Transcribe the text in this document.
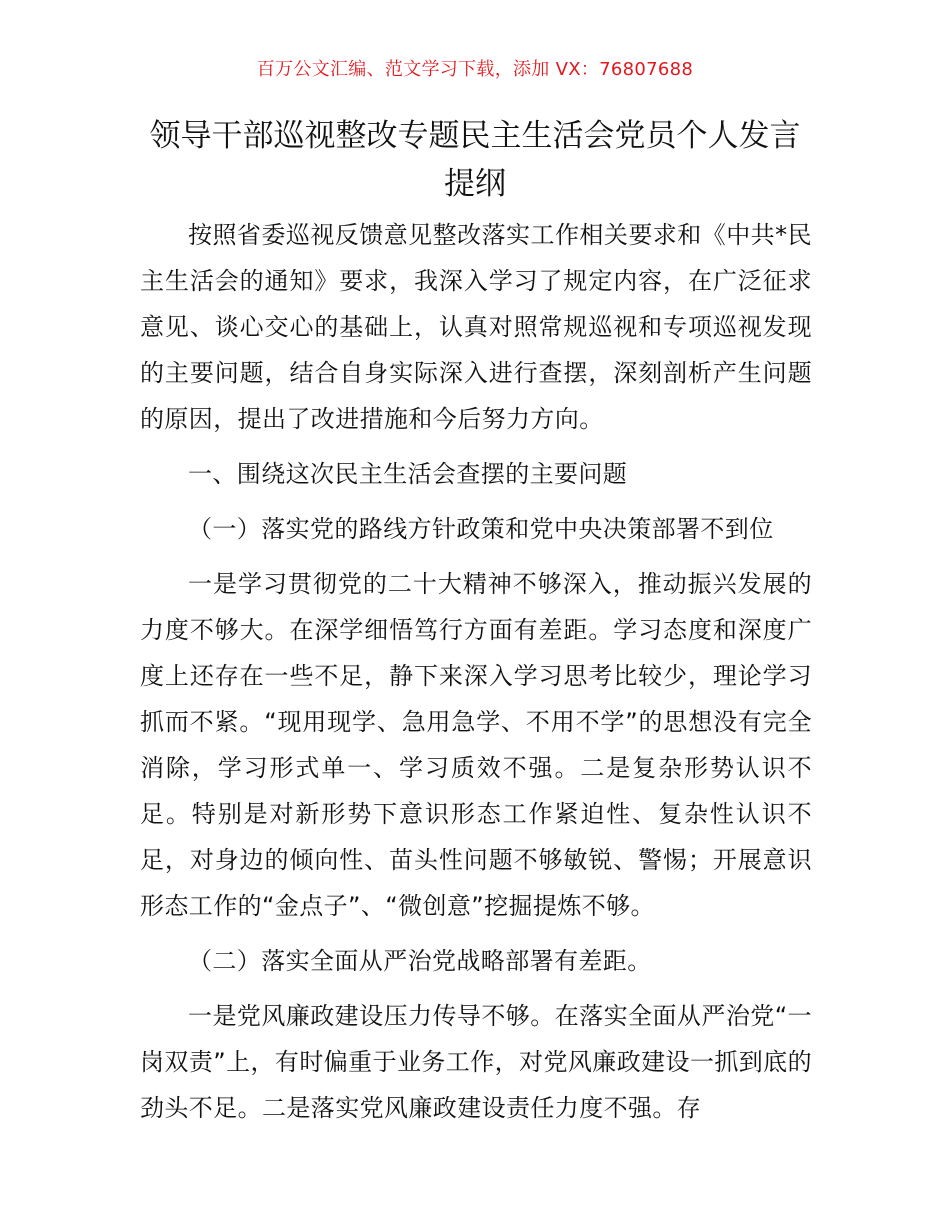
百万公文汇编、范文学习下载，添加 VX：76807688
领导干部巡视整改专题民主生活会党员个人发言提纲

按照省委巡视反馈意见整改落实工作相关要求和《中共*民主生活会的通知》要求，我深入学习了规定内容，在广泛征求意见、谈心交心的基础上，认真对照常规巡视和专项巡视发现的主要问题，结合自身实际深入进行查摆，深刻剖析产生问题的原因，提出了改进措施和今后努力方向。

一、围绕这次民主生活会查摆的主要问题

（一）落实党的路线方针政策和党中央决策部署不到位

一是学习贯彻党的二十大精神不够深入，推动振兴发展的力度不够大。在深学细悟笃行方面有差距。学习态度和深度广度上还存在一些不足，静下来深入学习思考比较少，理论学习抓而不紧。“现用现学、急用急学、不用不学”的思想没有完全消除，学习形式单一、学习质效不强。二是复杂形势认识不足。特别是对新形势下意识形态工作紧迫性、复杂性认识不足，对身边的倾向性、苗头性问题不够敏锐、警惕；开展意识形态工作的“金点子”、“微创意”挖掘提炼不够。

（二）落实全面从严治党战略部署有差距。

一是党风廉政建设压力传导不够。在落实全面从严治党“一岗双责”上，有时偏重于业务工作，对党风廉政建设一抓到底的劲头不足。二是落实党风廉政建设责任力度不强。存
